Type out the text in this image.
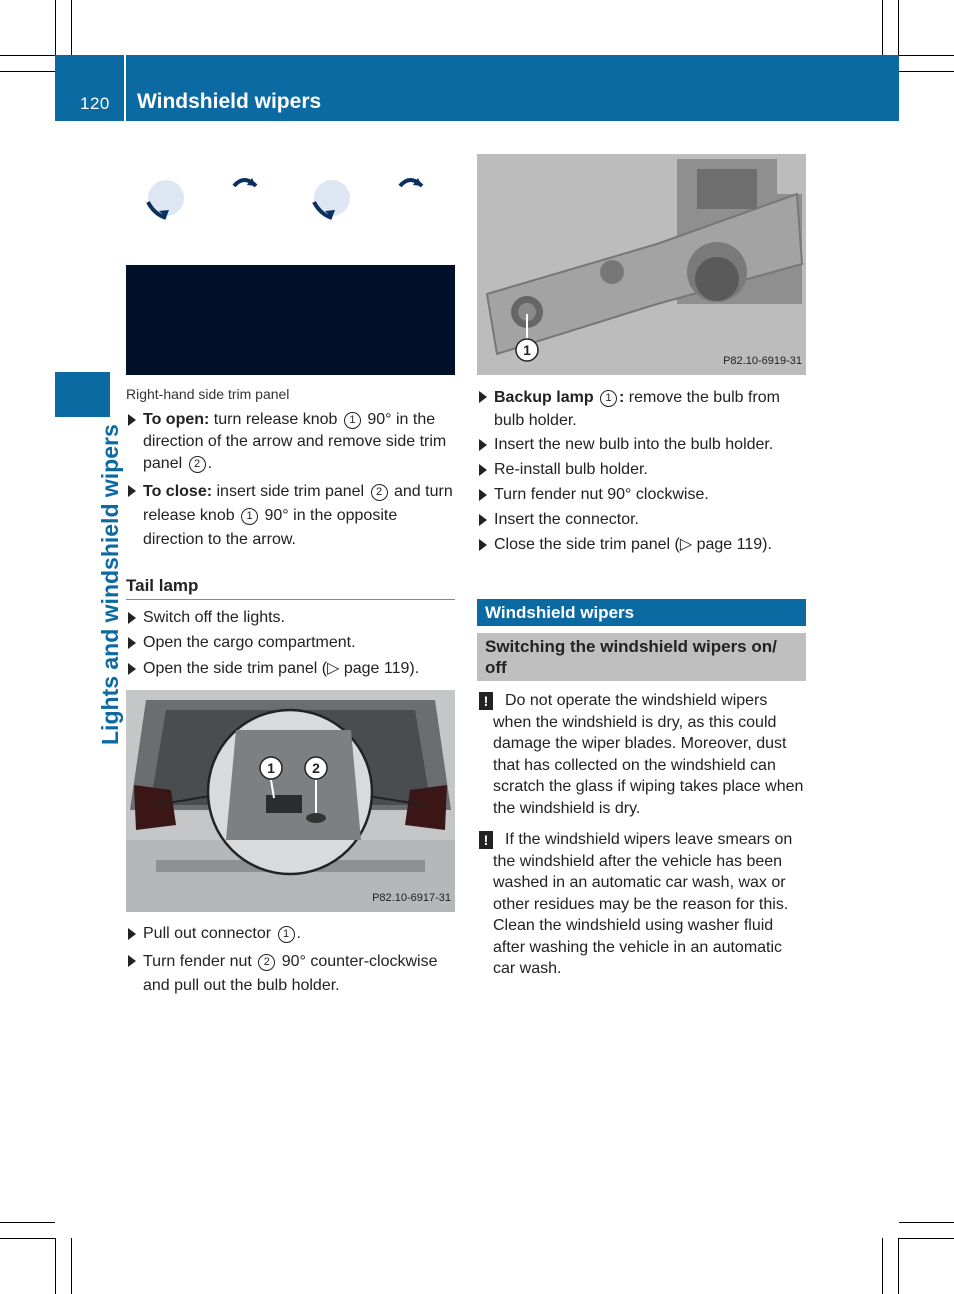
120 Windshield wipers
Lights and windshield wipers
Right-hand side trim panel
To open: turn release knob 1 90° in the direction of the arrow and remove side trim panel 2 .
To close: insert side trim panel 2 and turn release knob 1 90° in the opposite direction to the arrow.
Tail lamp
Switch off the lights.
Open the cargo compartment.
Open the side trim panel (▷ page 119).
1	2
P82.10-6917-31
Pull out connector 1 .
Turn fender nut 2 90° counter-clockwise and pull out the bulb holder.
1
P82.10-6919-31
Backup lamp 1 : remove the bulb from bulb holder.
Insert the new bulb into the bulb holder.
Re-install bulb holder.
Turn fender nut 90° clockwise.
Insert the connector.
Close the side trim panel (▷ page 119).
Windshield wipers
Switching the windshield wipers on/ off
!	Do not operate the windshield wipers when the windshield is dry, as this could damage the wiper blades. Moreover, dust that has collected on the windshield can scratch the glass if wiping takes place when the windshield is dry.

!	If the windshield wipers leave smears on the windshield after the vehicle has been washed in an automatic car wash, wax or other residues may be the reason for this. Clean the windshield using washer fluid after washing the vehicle in an automatic car wash.
